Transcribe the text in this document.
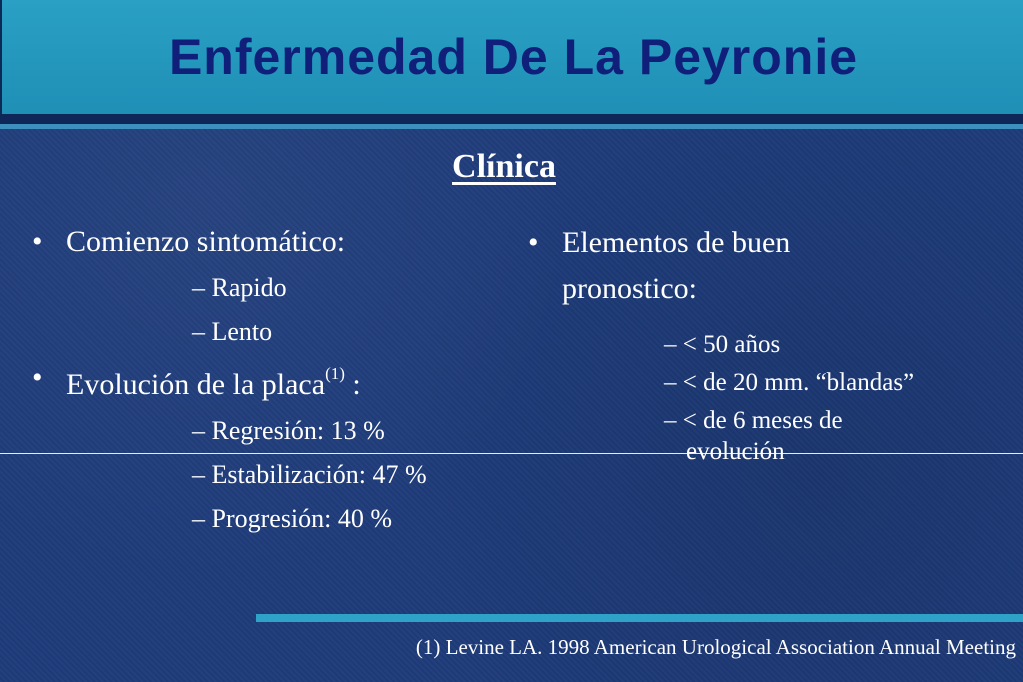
Enfermedad De La Peyronie
Clínica

• Comienzo sintomático:

– Rapido

– Lento

• Evolución de la placa$^{(1)}$ :

– Regresión: 13 %

– Estabilización: 47 %

– Progresión: 40 %

• Elementos de buen
pronostico:

– < 50 años

– < de 20 mm. “blandas”

– < de 6 meses de
evolución

(1) Levine LA. 1998 American Urological Association Annual Meeting
